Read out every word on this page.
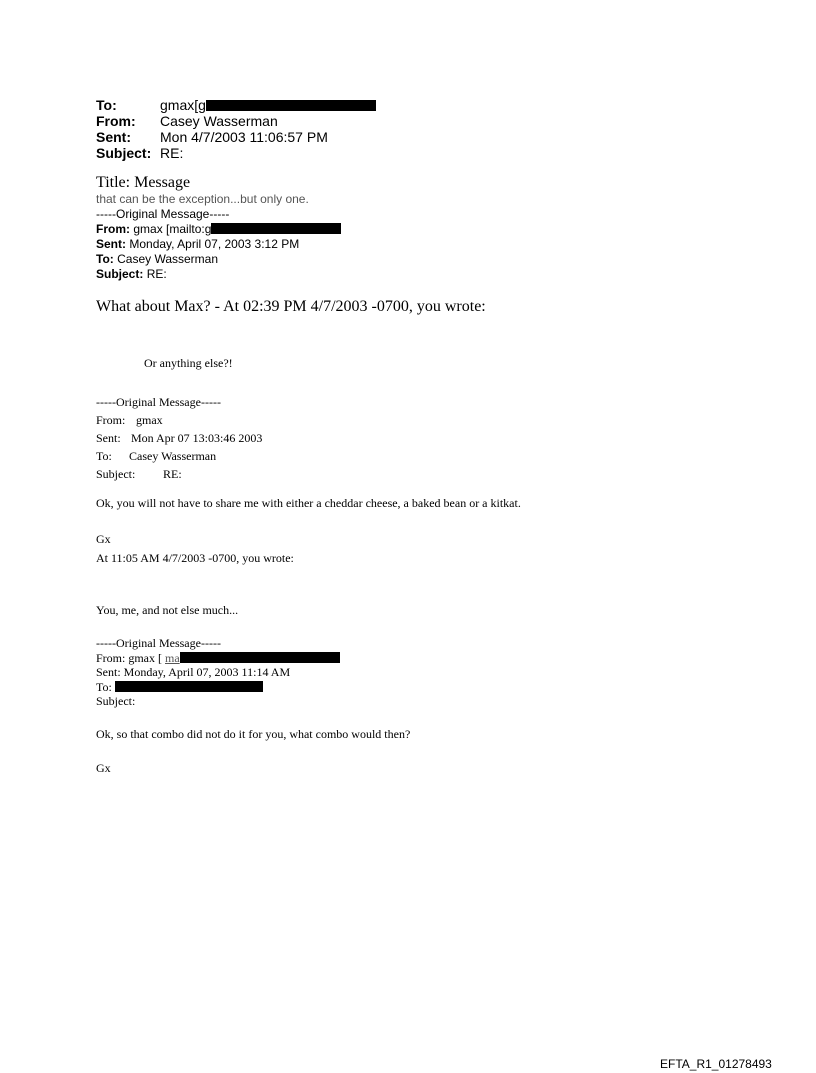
To:	gmax[g
From: Casey Wasserman
Sent: Mon 4/7/2003 11:06:57 PM
Subject: RE:
Title: Message
that can be the exception...but only one.
-----Original Message-----
From: gmax [mailto:g
Sent: Monday, April 07, 2003 3:12 PM
To: Casey Wasserman
Subject: RE:
What about Max? - At 02:39 PM 4/7/2003 -0700, you wrote:
Or anything else?!
-----Original Message-----
From: gmax
Sent: Mon Apr 07 13:03:46 2003
To: Casey Wasserman
Subject: RE:
Ok, you will not have to share me with either a cheddar cheese, a baked bean or a kitkat.
Gx
At 11:05 AM 4/7/2003 -0700, you wrote:
You, me, and not else much...
-----Original Message-----
From: gmax [ ma
Sent: Monday, April 07, 2003 11:14 AM
To:
Subject:
Ok, so that combo did not do it for you, what combo would then?
Gx
EFTA_R1_01278493
